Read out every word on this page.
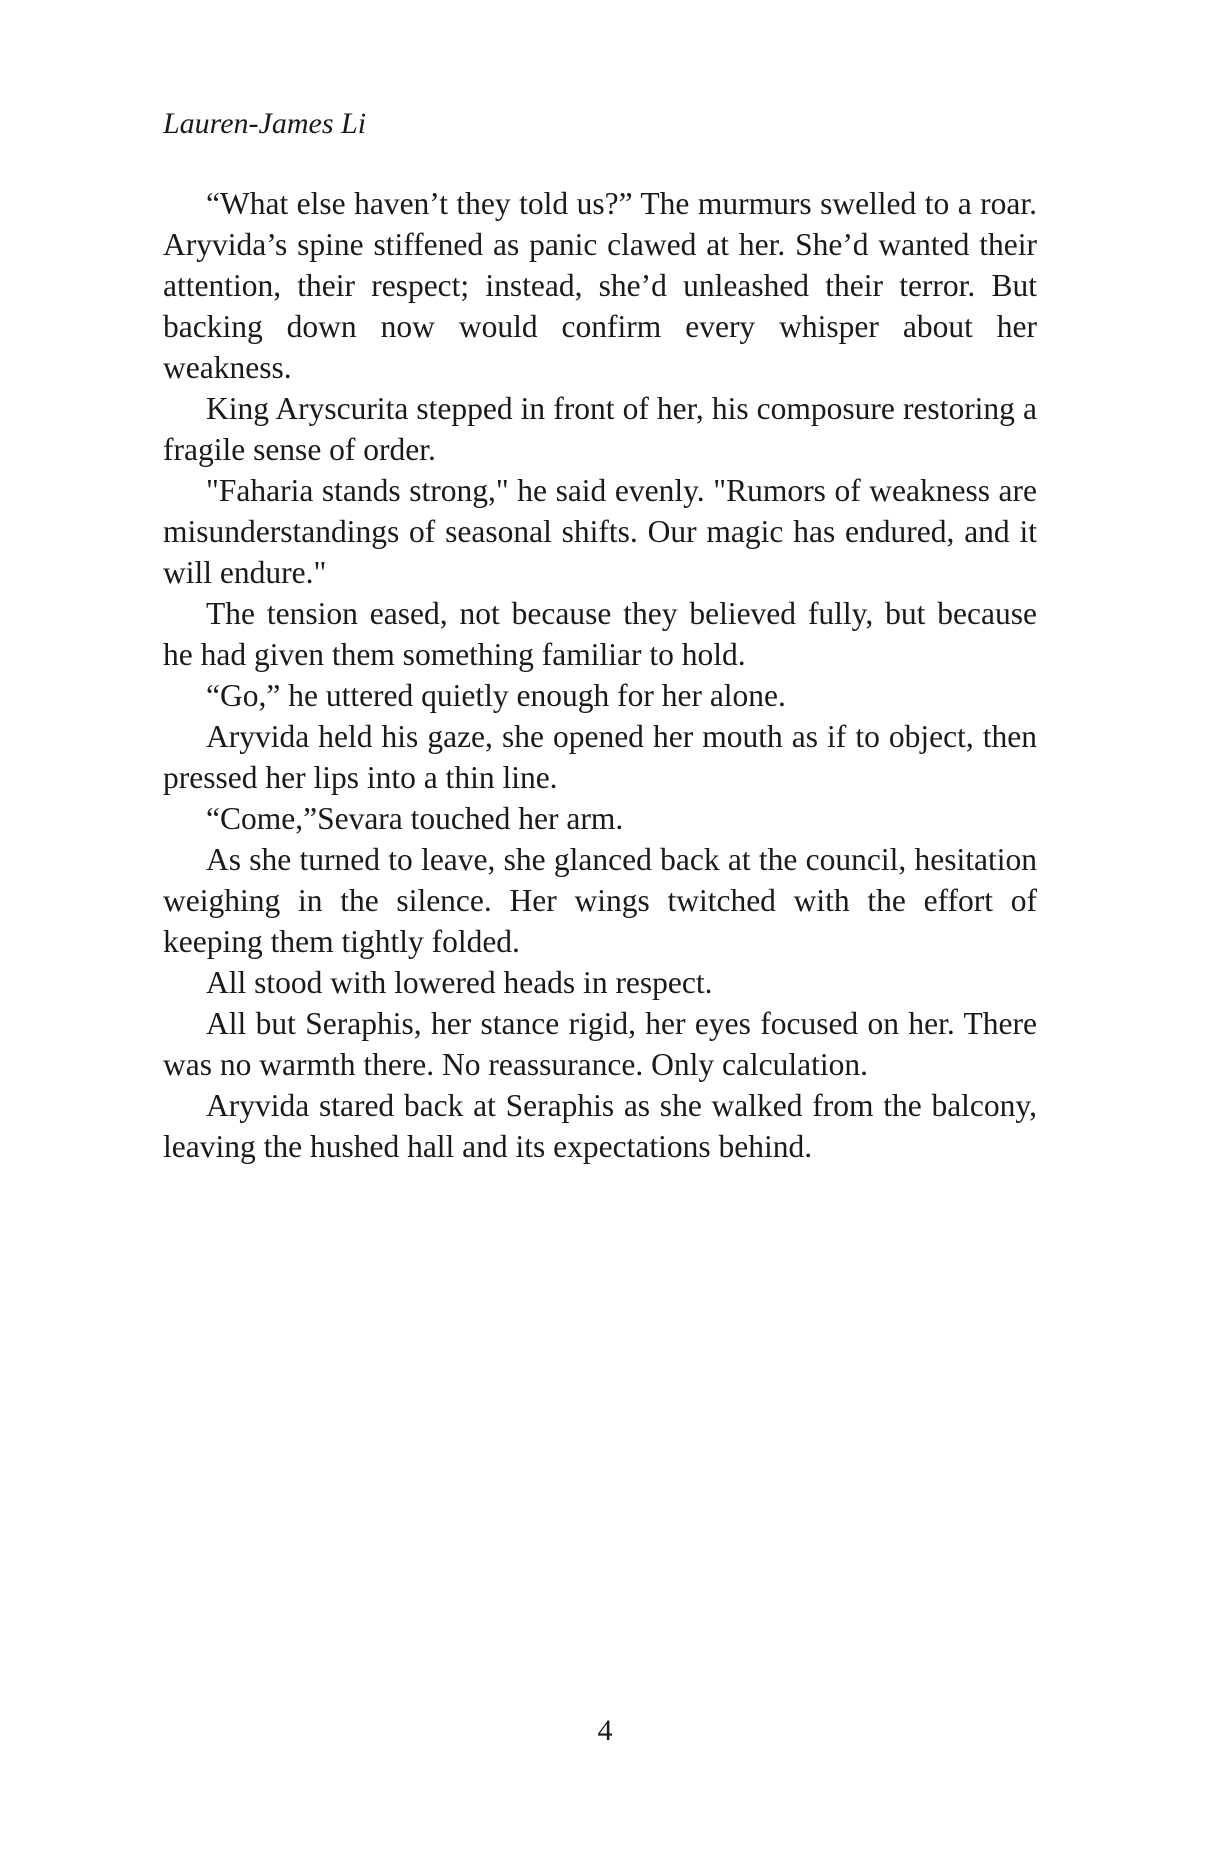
Lauren-James Li

“What else haven’t they told us?” The murmurs swelled to a roar. Aryvida’s spine stiffened as panic clawed at her. She’d wanted their attention, their respect; instead, she’d unleashed their terror. But backing down now would confirm every whisper about her weakness.

King Aryscurita stepped in front of her, his composure restoring a fragile sense of order.

"Faharia stands strong," he said evenly. "Rumors of weakness are misunderstandings of seasonal shifts. Our magic has endured, and it will endure."

The tension eased, not because they believed fully, but because he had given them something familiar to hold.

“Go,” he uttered quietly enough for her alone.

Aryvida held his gaze, she opened her mouth as if to object, then pressed her lips into a thin line.

“Come,”Sevara touched her arm.

As she turned to leave, she glanced back at the council, hesitation weighing in the silence. Her wings twitched with the effort of keeping them tightly folded.

All stood with lowered heads in respect.

All but Seraphis, her stance rigid, her eyes focused on her. There was no warmth there. No reassurance. Only calculation.

Aryvida stared back at Seraphis as she walked from the balcony, leaving the hushed hall and its expectations behind.

4
